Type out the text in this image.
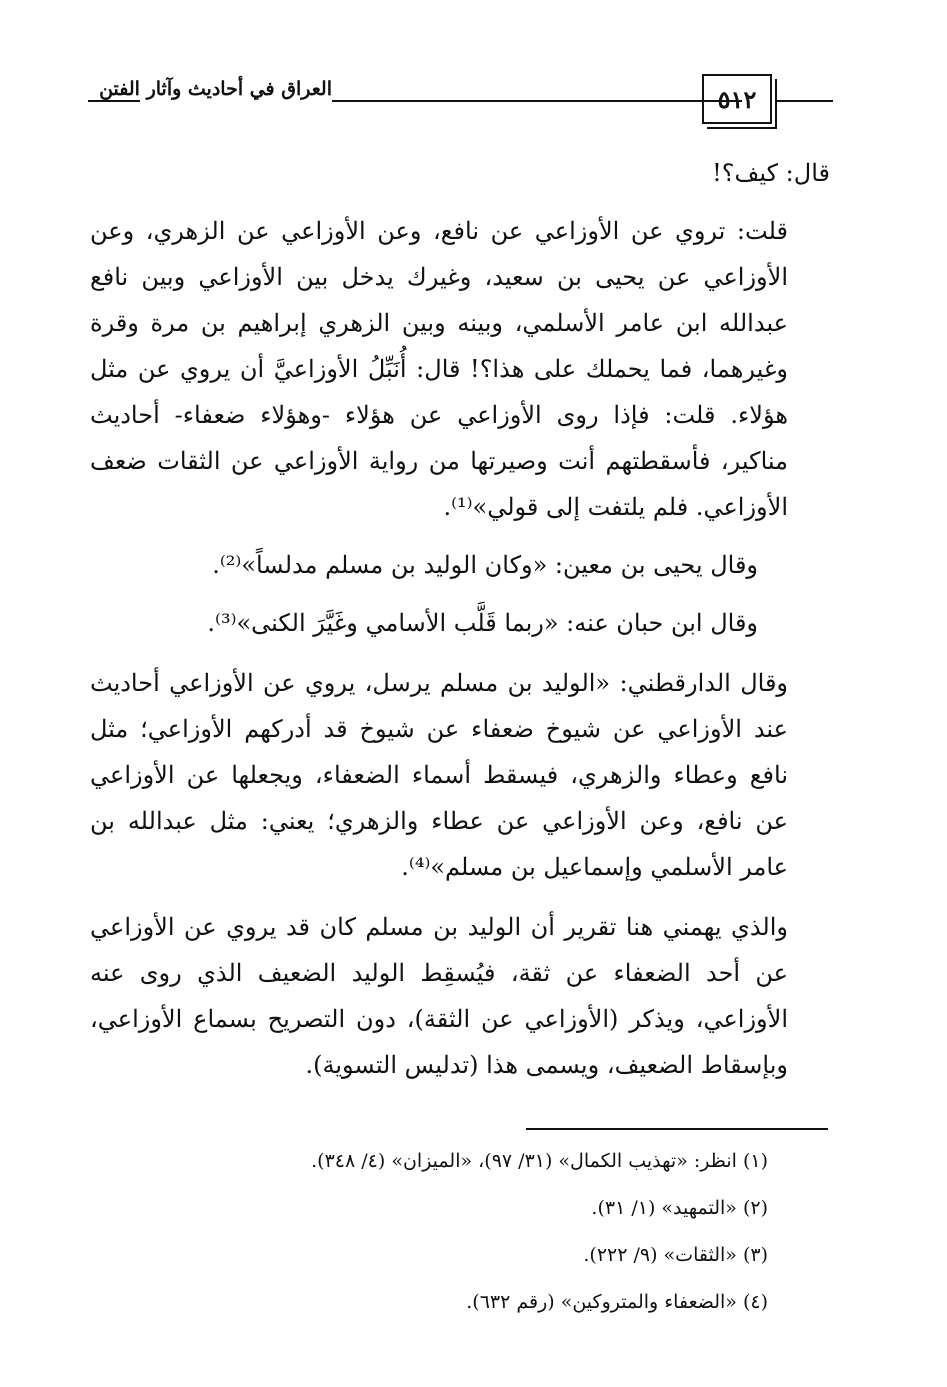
العراق في أحاديث وآثار الفتن	٥١٢

قال: كيف؟!

قلت: تروي عن الأوزاعي عن نافع، وعن الأوزاعي عن الزهري، وعن الأوزاعي عن يحيى بن سعيد، وغيرك يدخل بين الأوزاعي وبين نافع عبدالله ابن عامر الأسلمي، وبينه وبين الزهري إبراهيم بن مرة وقرة وغيرهما، فما يحملك على هذا؟! قال: أُنَبِّلُ الأوزاعيَّ أن يروي عن مثل هؤلاء. قلت: فإذا روى الأوزاعي عن هؤلاء -وهؤلاء ضعفاء- أحاديث مناكير، فأسقطتهم أنت وصيرتها من رواية الأوزاعي عن الثقات ضعف الأوزاعي. فلم يلتفت إلى قولي»⁽¹⁾.

وقال يحيى بن معين: «وكان الوليد بن مسلم مدلساً»⁽²⁾.

وقال ابن حبان عنه: «ربما قَلَّب الأسامي وغَيَّرَ الكنى»⁽³⁾.

وقال الدارقطني: «الوليد بن مسلم يرسل، يروي عن الأوزاعي أحاديث عند الأوزاعي عن شيوخ ضعفاء عن شيوخ قد أدركهم الأوزاعي؛ مثل نافع وعطاء والزهري، فيسقط أسماء الضعفاء، ويجعلها عن الأوزاعي عن نافع، وعن الأوزاعي عن عطاء والزهري؛ يعني: مثل عبدالله بن عامر الأسلمي وإسماعيل بن مسلم»⁽⁴⁾.

والذي يهمني هنا تقرير أن الوليد بن مسلم كان قد يروي عن الأوزاعي عن أحد الضعفاء عن ثقة، فيُسقِط الوليد الضعيف الذي روى عنه الأوزاعي، ويذكر (الأوزاعي عن الثقة)، دون التصريح بسماع الأوزاعي، وبإسقاط الضعيف، ويسمى هذا (تدليس التسوية).

(١) انظر: «تهذيب الكمال» (٣١/ ٩٧)، «الميزان» (٤/ ٣٤٨).

(٢) «التمهيد» (١/ ٣١).

(٣) «الثقات» (٩/ ٢٢٢).

(٤) «الضعفاء والمتروكين» (رقم ٦٣٢).
